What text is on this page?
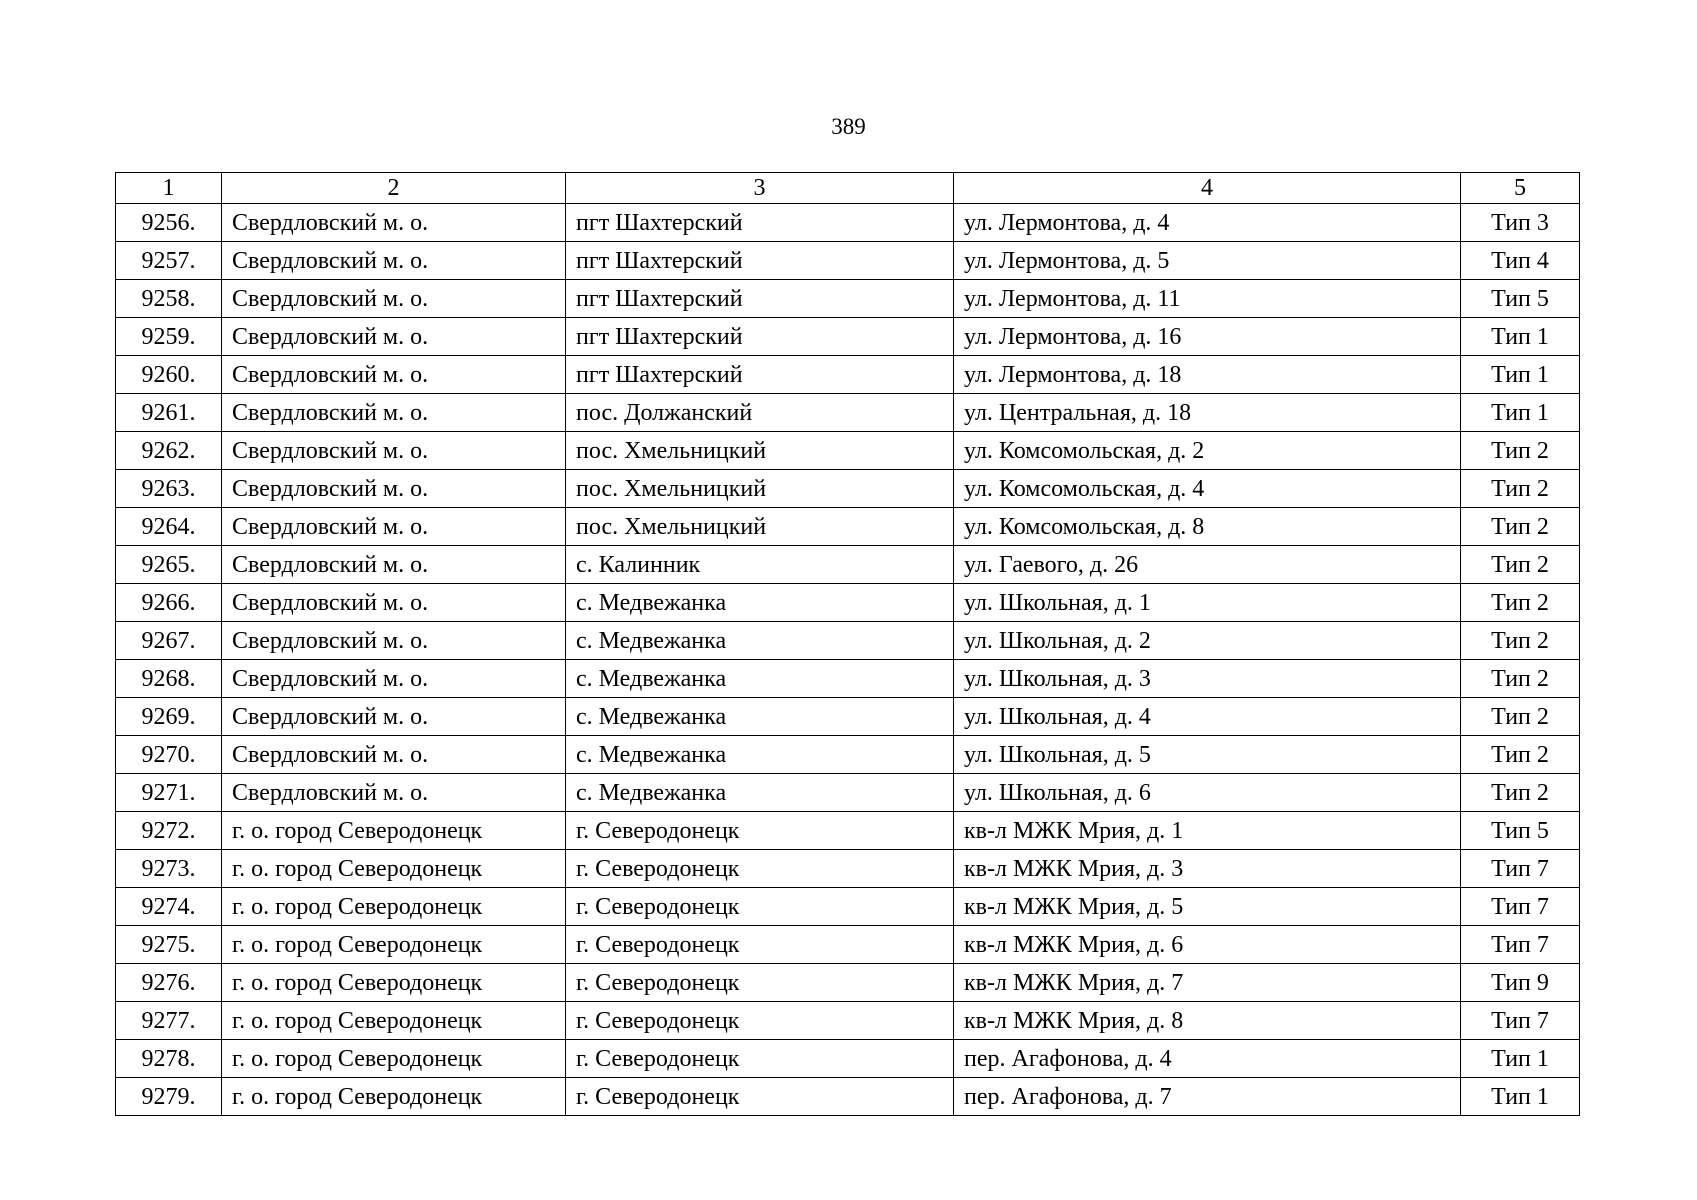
389
1	2	3	4	5
9256.	Свердловский м. о.	пгт Шахтерский	ул. Лермонтова, д. 4	Тип 3
9257.	Свердловский м. о.	пгт Шахтерский	ул. Лермонтова, д. 5	Тип 4
9258.	Свердловский м. о.	пгт Шахтерский	ул. Лермонтова, д. 11	Тип 5
9259.	Свердловский м. о.	пгт Шахтерский	ул. Лермонтова, д. 16	Тип 1
9260.	Свердловский м. о.	пгт Шахтерский	ул. Лермонтова, д. 18	Тип 1
9261.	Свердловский м. о.	пос. Должанский	ул. Центральная, д. 18	Тип 1
9262.	Свердловский м. о.	пос. Хмельницкий	ул. Комсомольская, д. 2	Тип 2
9263.	Свердловский м. о.	пос. Хмельницкий	ул. Комсомольская, д. 4	Тип 2
9264.	Свердловский м. о.	пос. Хмельницкий	ул. Комсомольская, д. 8	Тип 2
9265.	Свердловский м. о.	с. Калинник	ул. Гаевого, д. 26	Тип 2
9266.	Свердловский м. о.	с. Медвежанка	ул. Школьная, д. 1	Тип 2
9267.	Свердловский м. о.	с. Медвежанка	ул. Школьная, д. 2	Тип 2
9268.	Свердловский м. о.	с. Медвежанка	ул. Школьная, д. 3	Тип 2
9269.	Свердловский м. о.	с. Медвежанка	ул. Школьная, д. 4	Тип 2
9270.	Свердловский м. о.	с. Медвежанка	ул. Школьная, д. 5	Тип 2
9271.	Свердловский м. о.	с. Медвежанка	ул. Школьная, д. 6	Тип 2
9272.	г. о. город Северодонецк	г. Северодонецк	кв-л МЖК Мрия, д. 1	Тип 5
9273.	г. о. город Северодонецк	г. Северодонецк	кв-л МЖК Мрия, д. 3	Тип 7
9274.	г. о. город Северодонецк	г. Северодонецк	кв-л МЖК Мрия, д. 5	Тип 7
9275.	г. о. город Северодонецк	г. Северодонецк	кв-л МЖК Мрия, д. 6	Тип 7
9276.	г. о. город Северодонецк	г. Северодонецк	кв-л МЖК Мрия, д. 7	Тип 9
9277.	г. о. город Северодонецк	г. Северодонецк	кв-л МЖК Мрия, д. 8	Тип 7
9278.	г. о. город Северодонецк	г. Северодонецк	пер. Агафонова, д. 4	Тип 1
9279.	г. о. город Северодонецк	г. Северодонецк	пер. Агафонова, д. 7	Тип 1
